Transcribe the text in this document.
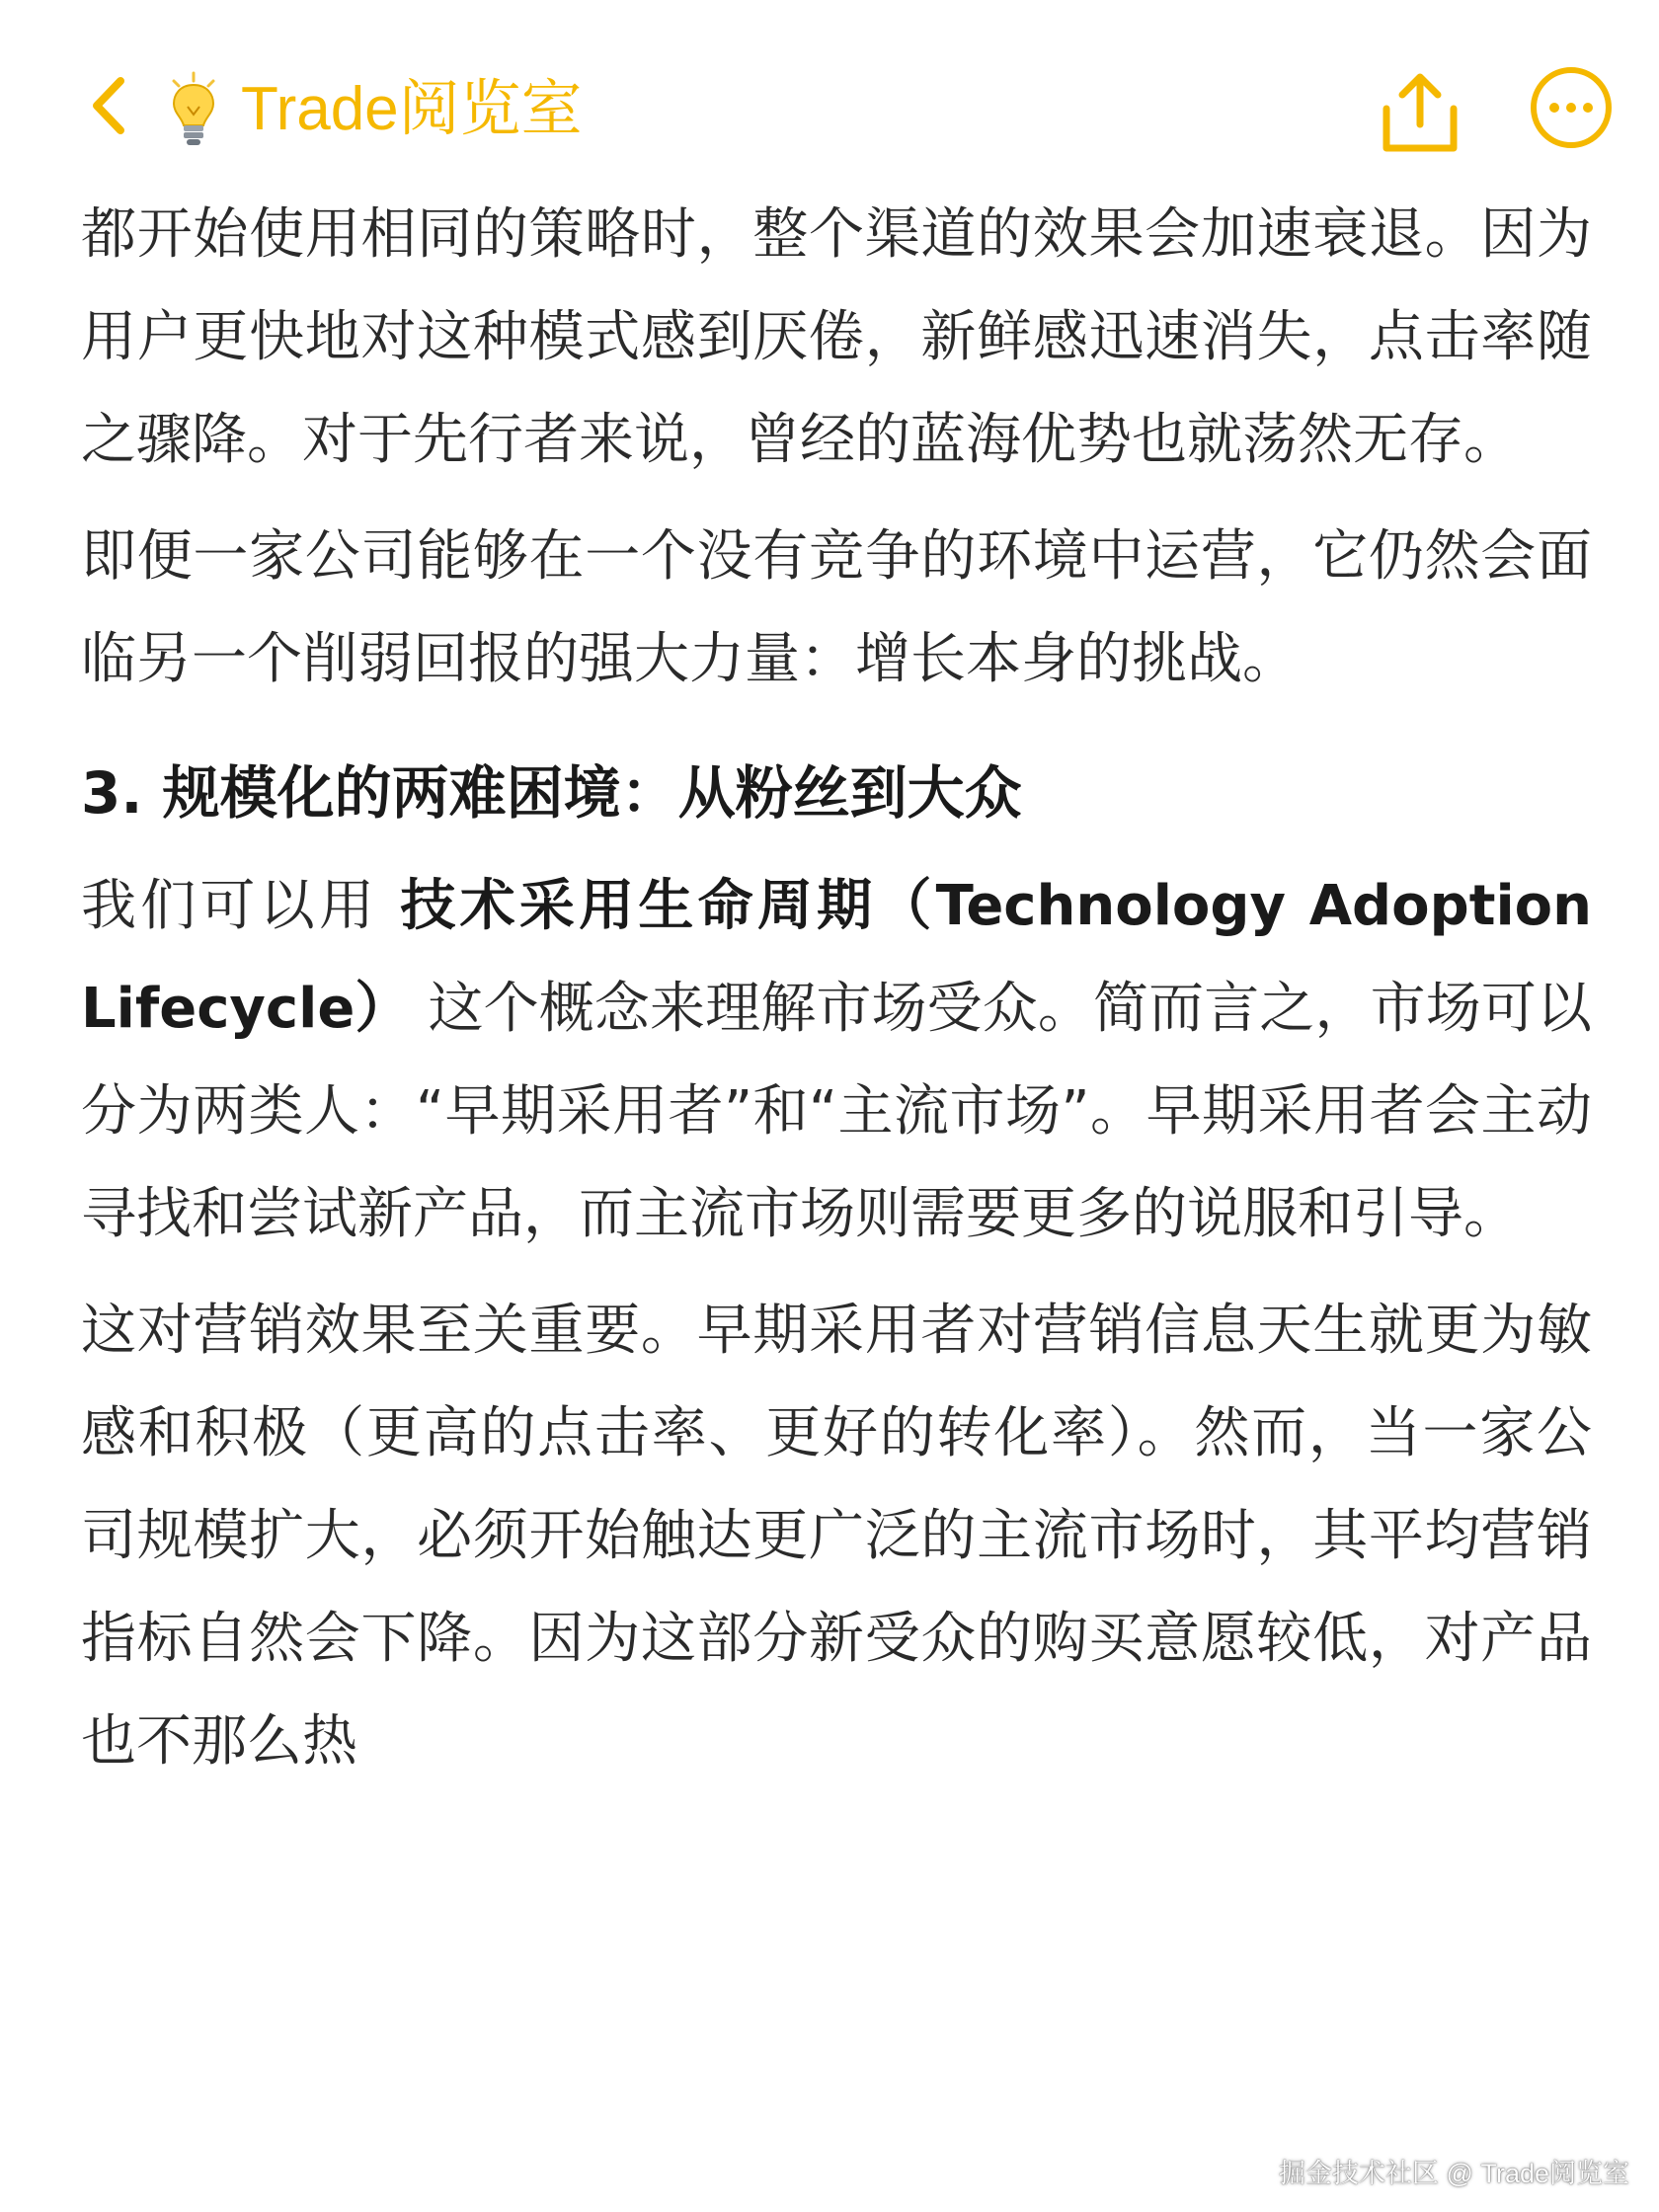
Trade阅览室

都开始使用相同的策略时，整个渠道的效果会加速衰退。因为用户更快地对这种模式感到厌倦，新鲜感迅速消失，点击率随之骤降。对于先行者来说，曾经的蓝海优势也就荡然无存。

即便一家公司能够在一个没有竞争的环境中运营，它仍然会面临另一个削弱回报的强大力量：增长本身的挑战。

3. 规模化的两难困境：从粉丝到大众

我们可以用 技术采用生命周期（Technology Adoption Lifecycle） 这个概念来理解市场受众。简而言之，市场可以分为两类人：“早期采用者”和“主流市场”。早期采用者会主动寻找和尝试新产品，而主流市场则需要更多的说服和引导。

这对营销效果至关重要。早期采用者对营销信息天生就更为敏感和积极（更高的点击率、更好的转化率）。然而，当一家公司规模扩大，必须开始触达更广泛的主流市场时，其平均营销指标自然会下降。因为这部分新受众的购买意愿较低，对产品也不那么热

掘金技术社区 @ Trade阅览室
